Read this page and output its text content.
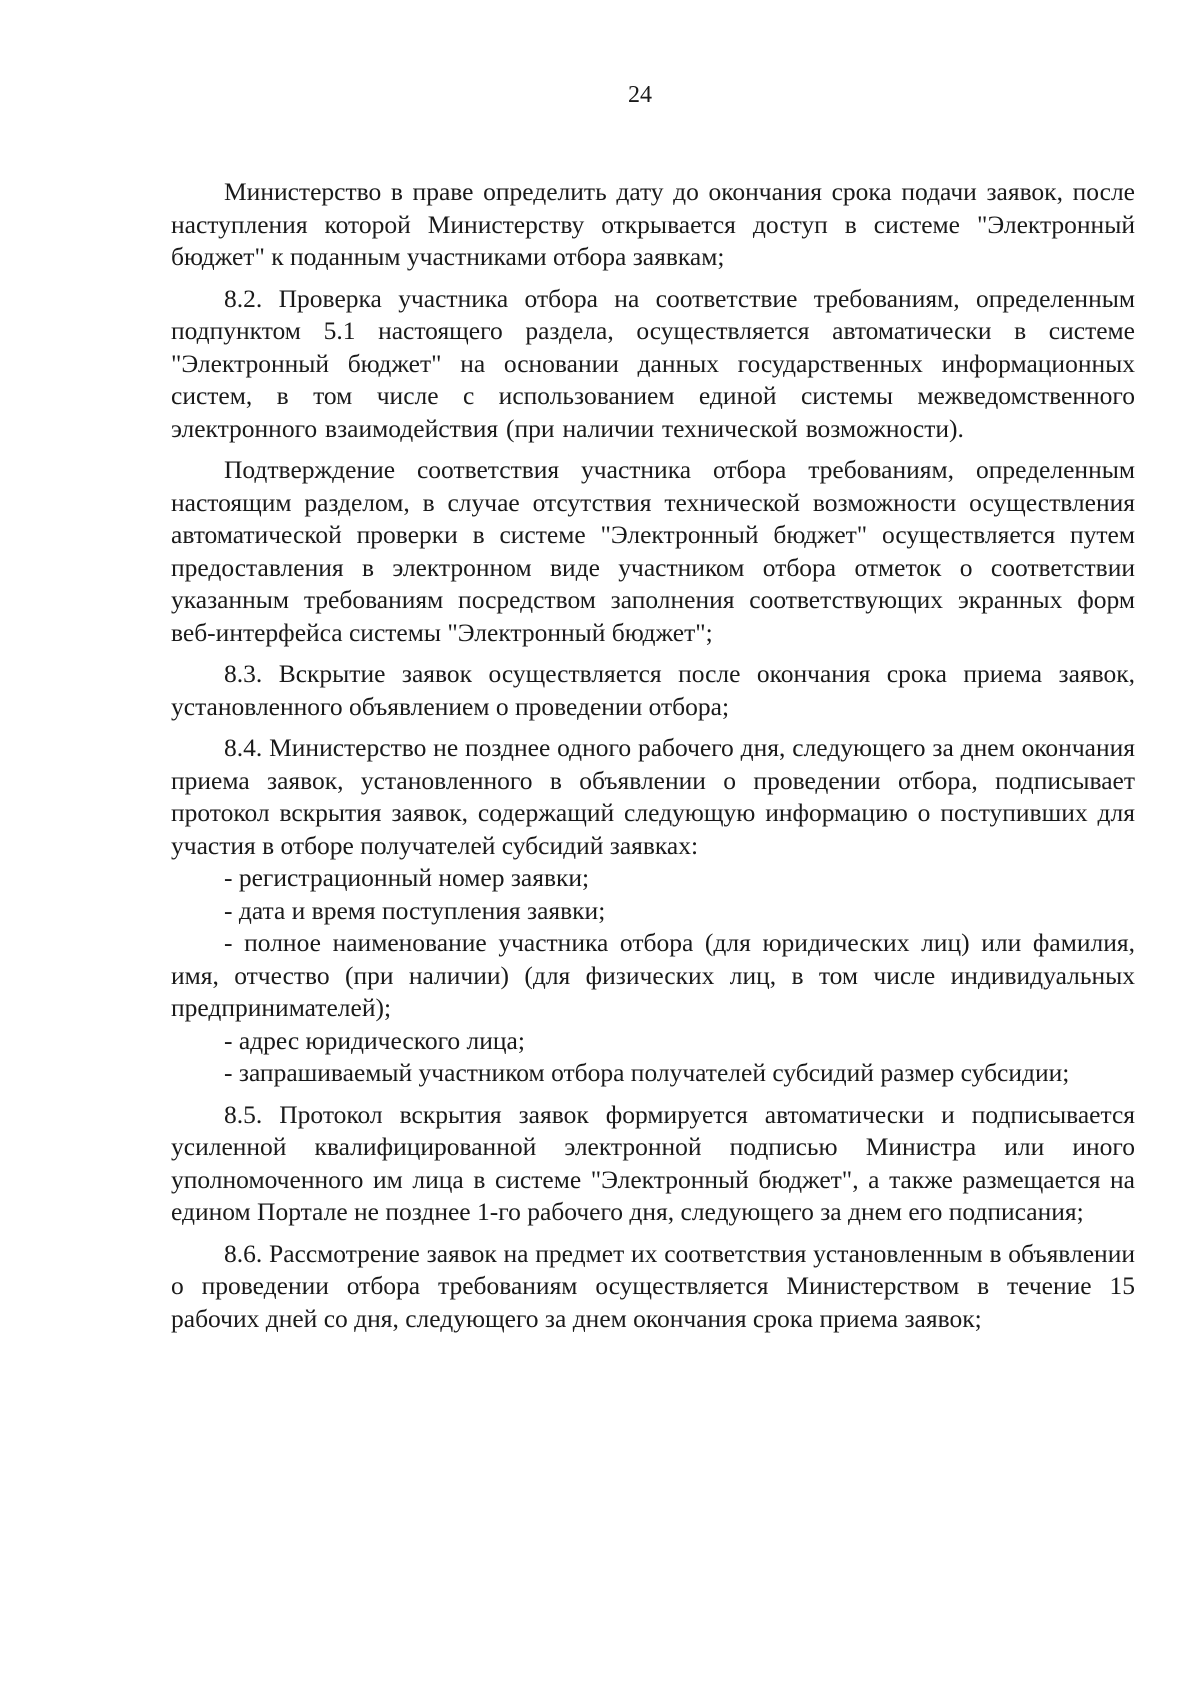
24

Министерство в праве определить дату до окончания срока подачи заявок, после наступления которой Министерству открывается доступ в системе "Электронный бюджет" к поданным участниками отбора заявкам;

8.2. Проверка участника отбора на соответствие требованиям, определенным подпунктом 5.1 настоящего раздела, осуществляется автоматически в системе "Электронный бюджет" на основании данных государственных информационных систем, в том числе с использованием единой системы межведомственного электронного взаимодействия (при наличии технической возможности).

Подтверждение соответствия участника отбора требованиям, определенным настоящим разделом, в случае отсутствия технической возможности осуществления автоматической проверки в системе "Электронный бюджет" осуществляется путем предоставления в электронном виде участником отбора отметок о соответствии указанным требованиям посредством заполнения соответствующих экранных форм веб-интерфейса системы "Электронный бюджет";

8.3. Вскрытие заявок осуществляется после окончания срока приема заявок, установленного объявлением о проведении отбора;

8.4. Министерство не позднее одного рабочего дня, следующего за днем окончания приема заявок, установленного в объявлении о проведении отбора, подписывает протокол вскрытия заявок, содержащий следующую информацию о поступивших для участия в отборе получателей субсидий заявках:

- регистрационный номер заявки;

- дата и время поступления заявки;

- полное наименование участника отбора (для юридических лиц) или фамилия, имя, отчество (при наличии) (для физических лиц, в том числе индивидуальных предпринимателей);

- адрес юридического лица;

- запрашиваемый участником отбора получателей субсидий размер субсидии;

8.5. Протокол вскрытия заявок формируется автоматически и подписывается усиленной квалифицированной электронной подписью Министра или иного уполномоченного им лица в системе "Электронный бюджет", а также размещается на едином Портале не позднее 1-го рабочего дня, следующего за днем его подписания;

8.6. Рассмотрение заявок на предмет их соответствия установленным в объявлении о проведении отбора требованиям осуществляется Министерством в течение 15 рабочих дней со дня, следующего за днем окончания срока приема заявок;
